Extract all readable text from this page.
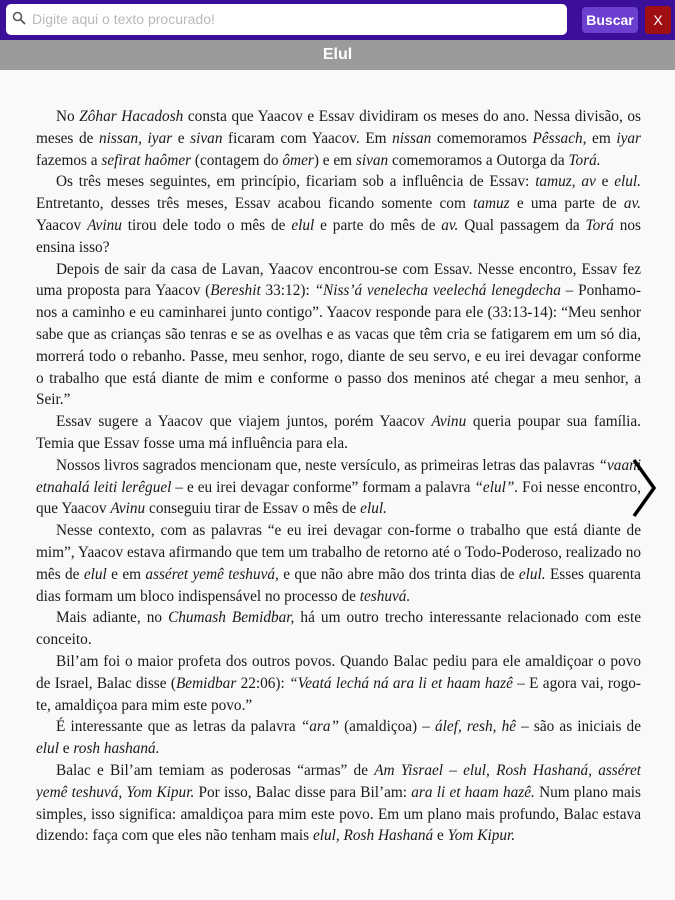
Digite aqui o texto procurado!
Buscar	X
Elul

No Zôhar Hacadosh consta que Yaacov e Essav dividiram os meses do ano. Nessa divisão, os meses de nissan, iyar e sivan ficaram com Yaacov. Em nissan comemoramos Pêssach, em iyar fazemos a sefirat haômer (contagem do ômer) e em sivan comemoramos a Outorga da Torá.

Os três meses seguintes, em princípio, ficariam sob a influência de Essav: tamuz, av e elul. Entretanto, desses três meses, Essav acabou ficando somente com tamuz e uma parte de av. Yaacov Avinu tirou dele todo o mês de elul e parte do mês de av. Qual passagem da Torá nos ensina isso?

Depois de sair da casa de Lavan, Yaacov encontrou-se com Essav. Nesse encontro, Essav fez uma proposta para Yaacov (Bereshit 33:12): “Niss’á venelecha veelechá lenegdecha – Ponhamo-nos a caminho e eu caminharei junto contigo”. Yaacov responde para ele (33:13-14): “Meu senhor sabe que as crianças são tenras e se as ovelhas e as vacas que têm cria se fatigarem em um só dia, morrerá todo o rebanho. Passe, meu senhor, rogo, diante de seu servo, e eu irei devagar conforme o trabalho que está diante de mim e conforme o passo dos meninos até chegar a meu senhor, a Seir.”

Essav sugere a Yaacov que viajem juntos, porém Yaacov Avinu queria poupar sua família. Temia que Essav fosse uma má influência para ela.

Nossos livros sagrados mencionam que, neste versículo, as primeiras letras das palavras “vaani etnahalá leiti lerêguel – e eu irei devagar conforme” formam a palavra “elul”. Foi nesse encontro, que Yaacov Avinu conseguiu tirar de Essav o mês de elul.

Nesse contexto, com as palavras “e eu irei devagar con-forme o trabalho que está diante de mim”, Yaacov estava afirmando que tem um trabalho de retorno até o Todo-Poderoso, realizado no mês de elul e em asséret yemê teshuvá, e que não abre mão dos trinta dias de elul. Esses quarenta dias formam um bloco indispensável no processo de teshuvá.

Mais adiante, no Chumash Bemidbar, há um outro trecho interessante relacionado com este conceito.

Bil’am foi o maior profeta dos outros povos. Quando Balac pediu para ele amaldiçoar o povo de Israel, Balac disse (Bemidbar 22:06): “Veatá lechá ná ara li et haam hazê – E agora vai, rogo-te, amaldiçoa para mim este povo.”

É interessante que as letras da palavra “ara” (amaldiçoa) – álef, resh, hê – são as iniciais de elul e rosh hashaná.

Balac e Bil’am temiam as poderosas “armas” de Am Yisrael – elul, Rosh Hashaná, asséret yemê teshuvá, Yom Kipur. Por isso, Balac disse para Bil’am: ara li et haam hazê. Num plano mais simples, isso significa: amaldiçoa para mim este povo. Em um plano mais profundo, Balac estava dizendo: faça com que eles não tenham mais elul, Rosh Hashaná e Yom Kipur.
